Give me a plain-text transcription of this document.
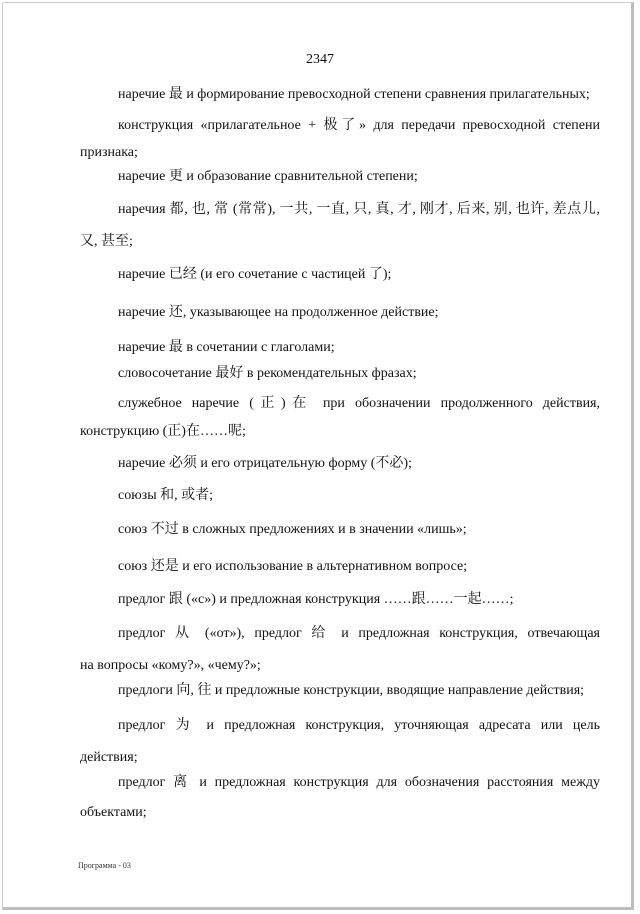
2347
наречие 最 и формирование превосходной степени сравнения прилагательных;
конструкция «прилагательное + 极了» для передачи превосходной степени
признака;
наречие 更 и образование сравнительной степени;
наречия 都, 也, 常 (常常), 一共, 一直, 只, 真, 才, 刚才, 后来, 别, 也许, 差点儿,
又, 甚至;
наречие 已经 (и его сочетание с частицей 了);
наречие 还, указывающее на продолженное действие;
наречие 最 в сочетании с глаголами;
словосочетание 最好 в рекомендательных фразах;
служебное наречие (正)在 при обозначении продолженного действия,
конструкцию (正)在……呢;
наречие 必须 и его отрицательную форму (不必);
союзы 和, 或者;
союз 不过 в сложных предложениях и в значении «лишь»;
союз 还是 и его использование в альтернативном вопросе;
предлог 跟 («с») и предложная конструкция ……跟……一起……;
предлог 从 («от»), предлог 给 и предложная конструкция, отвечающая
на вопросы «кому?», «чему?»;
предлоги 向, 往 и предложные конструкции, вводящие направление действия;
предлог 为 и предложная конструкция, уточняющая адресата или цель
действия;
предлог 离 и предложная конструкция для обозначения расстояния между
объектами;
Программа - 03
